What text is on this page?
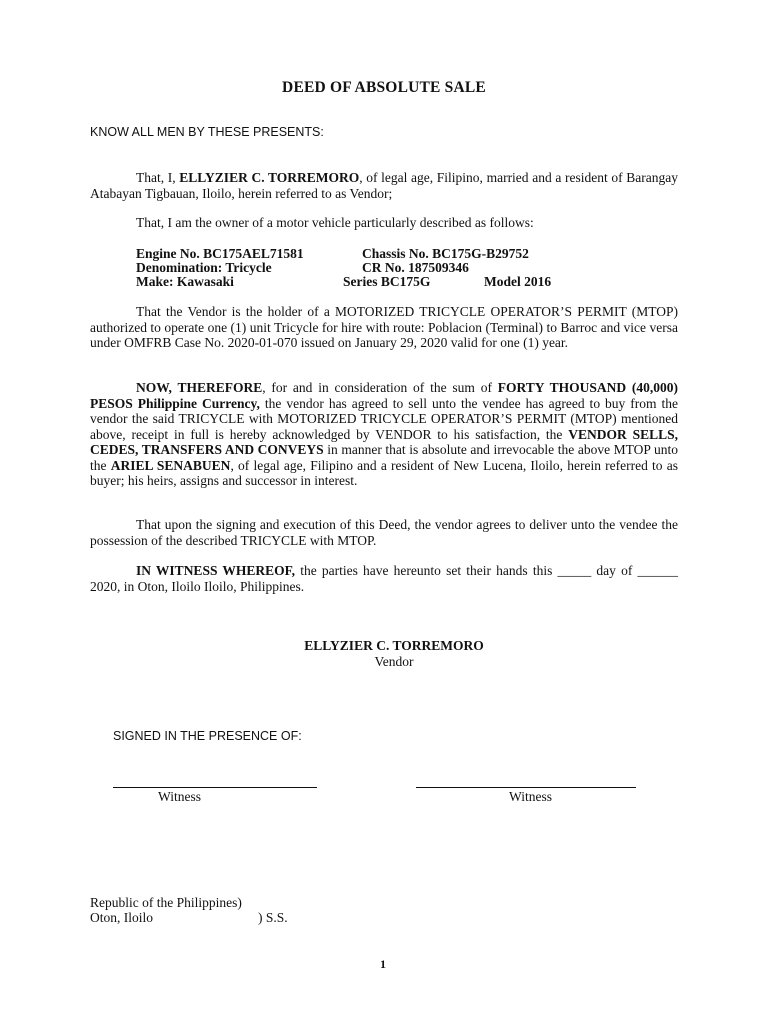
DEED OF ABSOLUTE SALE
KNOW ALL MEN BY THESE PRESENTS:
That, I, ELLYZIER C. TORREMORO, of legal age, Filipino, married and a resident of Barangay Atabayan Tigbauan, Iloilo, herein referred to as Vendor;
That, I am the owner of a motor vehicle particularly described as follows:
Engine No. BC175AEL71581	Chassis No. BC175G-B29752
Denomination: Tricycle	CR No. 187509346
Make: Kawasaki	Series BC175G	Model 2016
That the Vendor is the holder of a MOTORIZED TRICYCLE OPERATOR’S PERMIT (MTOP) authorized to operate one (1) unit Tricycle for hire with route: Poblacion (Terminal) to Barroc and vice versa under OMFRB Case No. 2020-01-070 issued on January 29, 2020 valid for one (1) year.
NOW, THEREFORE, for and in consideration of the sum of FORTY THOUSAND (40,000) PESOS Philippine Currency, the vendor has agreed to sell unto the vendee has agreed to buy from the vendor the said TRICYCLE with MOTORIZED TRICYCLE OPERATOR’S PERMIT (MTOP) mentioned above, receipt in full is hereby acknowledged by VENDOR to his satisfaction, the VENDOR SELLS, CEDES, TRANSFERS AND CONVEYS in manner that is absolute and irrevocable the above MTOP unto the ARIEL SENABUEN, of legal age, Filipino and a resident of New Lucena, Iloilo, herein referred to as buyer; his heirs, assigns and successor in interest.
That upon the signing and execution of this Deed, the vendor agrees to deliver unto the vendee the possession of the described TRICYCLE with MTOP.
IN WITNESS WHEREOF, the parties have hereunto set their hands this _____ day of ______ 2020, in Oton, Iloilo Iloilo, Philippines.
ELLYZIER C. TORREMORO
Vendor
SIGNED IN THE PRESENCE OF:
Witness	Witness
Republic of the Philippines)
Oton, Iloilo	) S.S.
1
